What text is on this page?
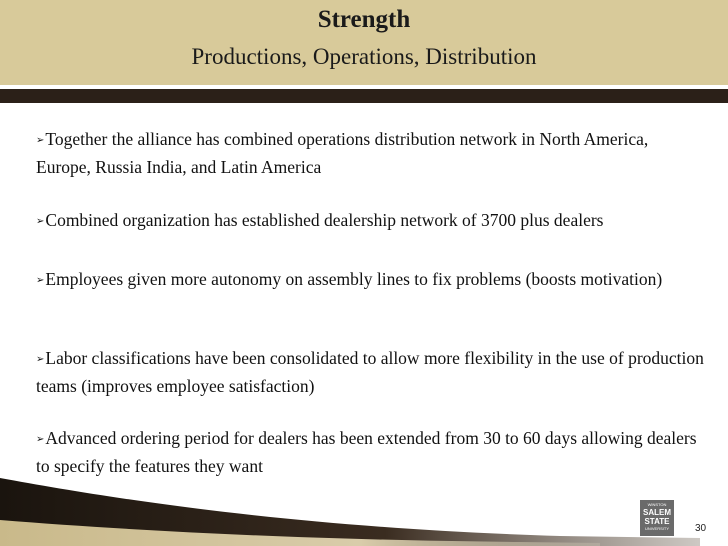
Strength
Productions, Operations, Distribution
➢Together the alliance has combined operations distribution network in North America, Europe, Russia India, and Latin America
➢Combined organization has established dealership network of 3700 plus dealers
➢Employees given more autonomy on assembly lines to fix problems (boosts motivation)
➢Labor classifications have been consolidated to allow more flexibility in the use of production teams (improves employee satisfaction)
➢Advanced ordering period for dealers has been extended from 30 to 60 days allowing dealers to specify the features they want
WINSTON
SALEM
STATE
UNIVERSITY	30
